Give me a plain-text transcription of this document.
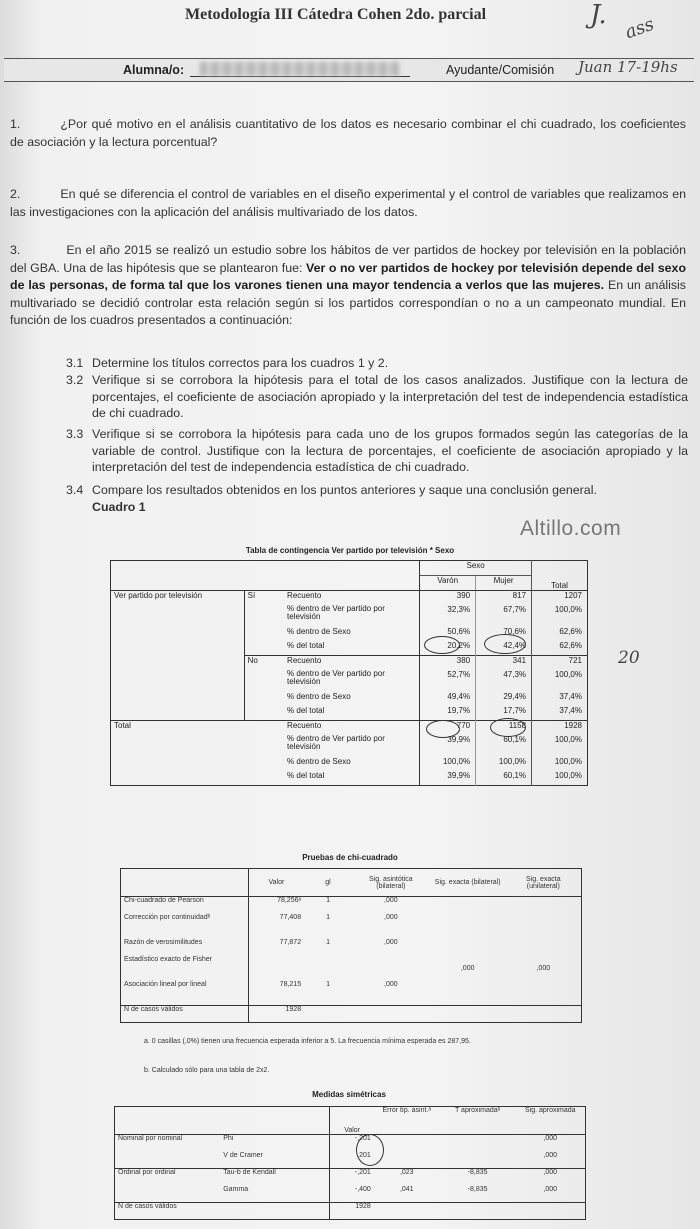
Metodología III Cátedra Cohen 2do. parcial	J. ass
Alumna/o:	Ayudante/Comisión Juan 17-19hs
1.	¿Por qué motivo en el análisis cuantitativo de los datos es necesario combinar el chi cuadrado, los coeficientes de asociación y la lectura porcentual?
2.	En qué se diferencia el control de variables en el diseño experimental y el control de variables que realizamos en las investigaciones con la aplicación del análisis multivariado de los datos.
3.	En el año 2015 se realizó un estudio sobre los hábitos de ver partidos de hockey por televisión en la población del GBA. Una de las hipótesis que se plantearon fue: Ver o no ver partidos de hockey por televisión depende del sexo de las personas, de forma tal que los varones tienen una mayor tendencia a verlos que las mujeres. En un análisis multivariado se decidió controlar esta relación según si los partidos correspondían o no a un campeonato mundial. En función de los cuadros presentados a continuación:
3.1 Determine los títulos correctos para los cuadros 1 y 2.
3.2 Verifique si se corrobora la hipótesis para el total de los casos analizados. Justifique con la lectura de porcentajes, el coeficiente de asociación apropiado y la interpretación del test de independencia estadística de chi cuadrado.
3.3 Verifique si se corrobora la hipótesis para cada uno de los grupos formados según las categorías de la variable de control. Justifique con la lectura de porcentajes, el coeficiente de asociación apropiado y la interpretación del test de independencia estadística de chi cuadrado.
3.4 Compare los resultados obtenidos en los puntos anteriores y saque una conclusión general.
Cuadro 1
Altillo.com
Tabla de contingencia Ver partido por televisión * Sexo
			Sexo		Total
			Varón	Mujer	
Ver partido por televisión	Sí	Recuento	390	817	1207
		% dentro de Ver partido por televisión	32,3%	67,7%	100,0%
		% dentro de Sexo	50,6%	70,6%	62,6%
		% del total	20,2%	42,4%	62,6%
	No	Recuento	380	341	721
		% dentro de Ver partido por televisión	52,7%	47,3%	100,0%
		% dentro de Sexo	49,4%	29,4%	37,4%
		% del total	19,7%	17,7%	37,4%
Total		Recuento	770	1158	1928
		% dentro de Ver partido por televisión	39,9%	60,1%	100,0%
		% dentro de Sexo	100,0%	100,0%	100,0%
		% del total	39,9%	60,1%	100,0%
20
Pruebas de chi-cuadrado
	Valor	gl	Sig. asintótica (bilateral)	Sig. exacta (bilateral)	Sig. exacta (unilateral)
Chi-cuadrado de Pearson	78,256ᵃ	1	,000		
Corrección por continuidadᵇ	77,408	1	,000		
Razón de verosimilitudes	77,872	1	,000		
Estadístico exacto de Fisher				,000	,000
Asociación lineal por lineal	78,215	1	,000		
N de casos válidos	1928				
a. 0 casillas (,0%) tienen una frecuencia esperada inferior a 5. La frecuencia mínima esperada es 287,95.
b. Calculado sólo para una tabla de 2x2.
Medidas simétricas
		Valor	Error típ. asint.ᵃ	T aproximadaᵇ	Sig. aproximada
Nominal por nominal	Phi	-,201			,000
	V de Cramer	,201			,000
Ordinal por ordinal	Tau-b de Kendall	-,201	,023	-8,835	,000
	Gamma	-,400	,041	-8,835	,000
N de casos válidos		1928			
